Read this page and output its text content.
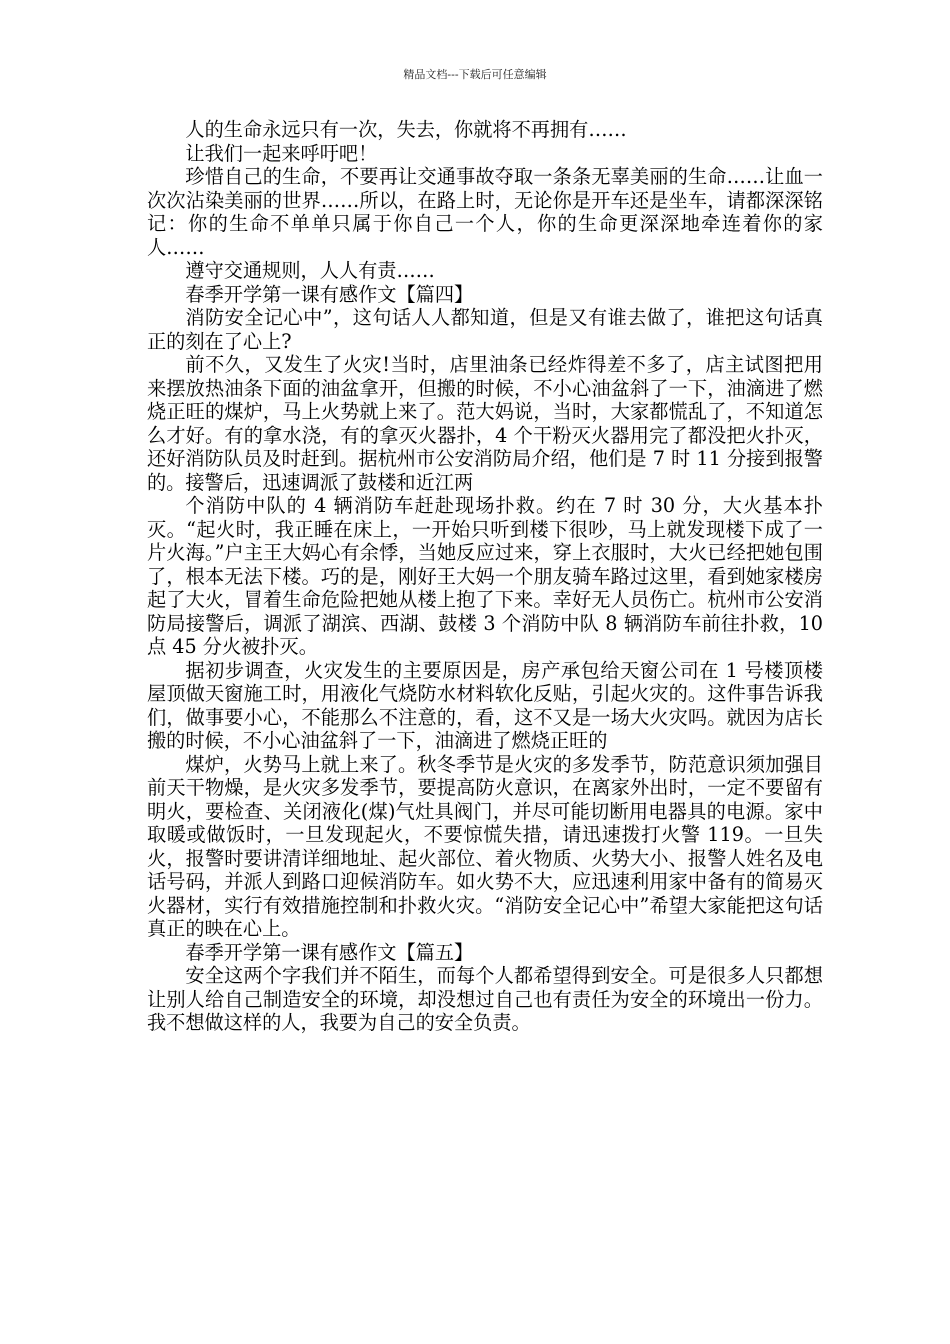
精品文档---下载后可任意编辑

人的生命永远只有一次，失去，你就将不再拥有……

让我们一起来呼吁吧！

珍惜自己的生命，不要再让交通事故夺取一条条无辜美丽的生命……让血一次次沾染美丽的世界……所以，在路上时，无论你是开车还是坐车，请都深深铭记：你的生命不单单只属于你自己一个人，你的生命更深深地牵连着你的家人……

遵守交通规则，人人有责……

春季开学第一课有感作文【篇四】

消防安全记心中”，这句话人人都知道，但是又有谁去做了，谁把这句话真正的刻在了心上?

前不久，又发生了火灾!当时，店里油条已经炸得差不多了，店主试图把用来摆放热油条下面的油盆拿开，但搬的时候，不小心油盆斜了一下，油滴进了燃烧正旺的煤炉，马上火势就上来了。范大妈说，当时，大家都慌乱了，不知道怎么才好。有的拿水浇，有的拿灭火器扑，4 个干粉灭火器用完了都没把火扑灭，还好消防队员及时赶到。据杭州市公安消防局介绍，他们是 7 时 11 分接到报警的。接警后，迅速调派了鼓楼和近江两

个消防中队的 4 辆消防车赶赴现场扑救。约在 7 时 30 分，大火基本扑灭。“起火时，我正睡在床上，一开始只听到楼下很吵，马上就发现楼下成了一片火海。”户主王大妈心有余悸，当她反应过来，穿上衣服时，大火已经把她包围了，根本无法下楼。巧的是，刚好王大妈一个朋友骑车路过这里，看到她家楼房起了大火，冒着生命危险把她从楼上抱了下来。幸好无人员伤亡。杭州市公安消防局接警后，调派了湖滨、西湖、鼓楼 3 个消防中队 8 辆消防车前往扑救，10 点 45 分火被扑灭。

据初步调查，火灾发生的主要原因是，房产承包给天窗公司在 1 号楼顶楼屋顶做天窗施工时，用液化气烧防水材料软化反贴，引起火灾的。这件事告诉我们，做事要小心，不能那么不注意的，看，这不又是一场大火灾吗。就因为店长搬的时候，不小心油盆斜了一下，油滴进了燃烧正旺的

煤炉，火势马上就上来了。秋冬季节是火灾的多发季节，防范意识须加强目前天干物燥，是火灾多发季节，要提高防火意识，在离家外出时，一定不要留有明火，要检查、关闭液化(煤)气灶具阀门，并尽可能切断用电器具的电源。家中取暖或做饭时，一旦发现起火，不要惊慌失措，请迅速拨打火警 119。一旦失火，报警时要讲清详细地址、起火部位、着火物质、火势大小、报警人姓名及电话号码，并派人到路口迎候消防车。如火势不大，应迅速利用家中备有的简易灭火器材，实行有效措施控制和扑救火灾。“消防安全记心中”希望大家能把这句话真正的映在心上。

春季开学第一课有感作文【篇五】

安全这两个字我们并不陌生，而每个人都希望得到安全。可是很多人只都想让别人给自己制造安全的环境，却没想过自己也有责任为安全的环境出一份力。我不想做这样的人，我要为自己的安全负责。
